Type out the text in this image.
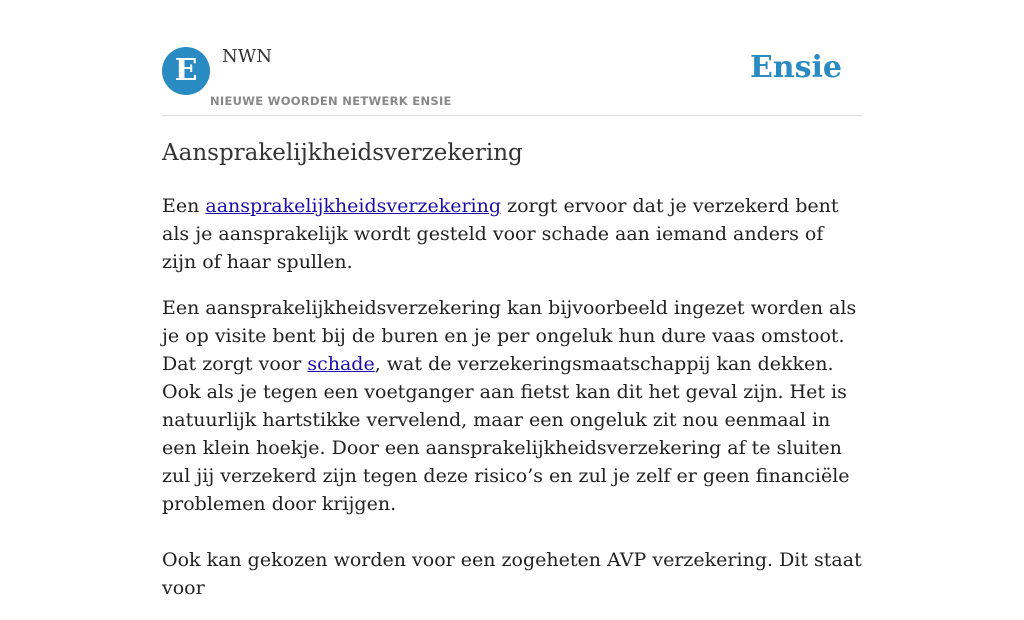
E	NWN
NIEUWE WOORDEN NETWERK ENSIE
Ensie
Aansprakelijkheidsverzekering

Een aansprakelijkheidsverzekering zorgt ervoor dat je verzekerd bent als je aansprakelijk wordt gesteld voor schade aan iemand anders of zijn of haar spullen.

Een aansprakelijkheidsverzekering kan bijvoorbeeld ingezet worden als je op visite bent bij de buren en je per ongeluk hun dure vaas omstoot. Dat zorgt voor schade, wat de verzekeringsmaatschappij kan dekken. Ook als je tegen een voetganger aan fietst kan dit het geval zijn. Het is natuurlijk hartstikke vervelend, maar een ongeluk zit nou eenmaal in een klein hoekje. Door een aansprakelijkheidsverzekering af te sluiten zul jij verzekerd zijn tegen deze risico’s en zul je zelf er geen financiële problemen door krijgen.

Ook kan gekozen worden voor een zogeheten AVP verzekering. Dit staat voor
